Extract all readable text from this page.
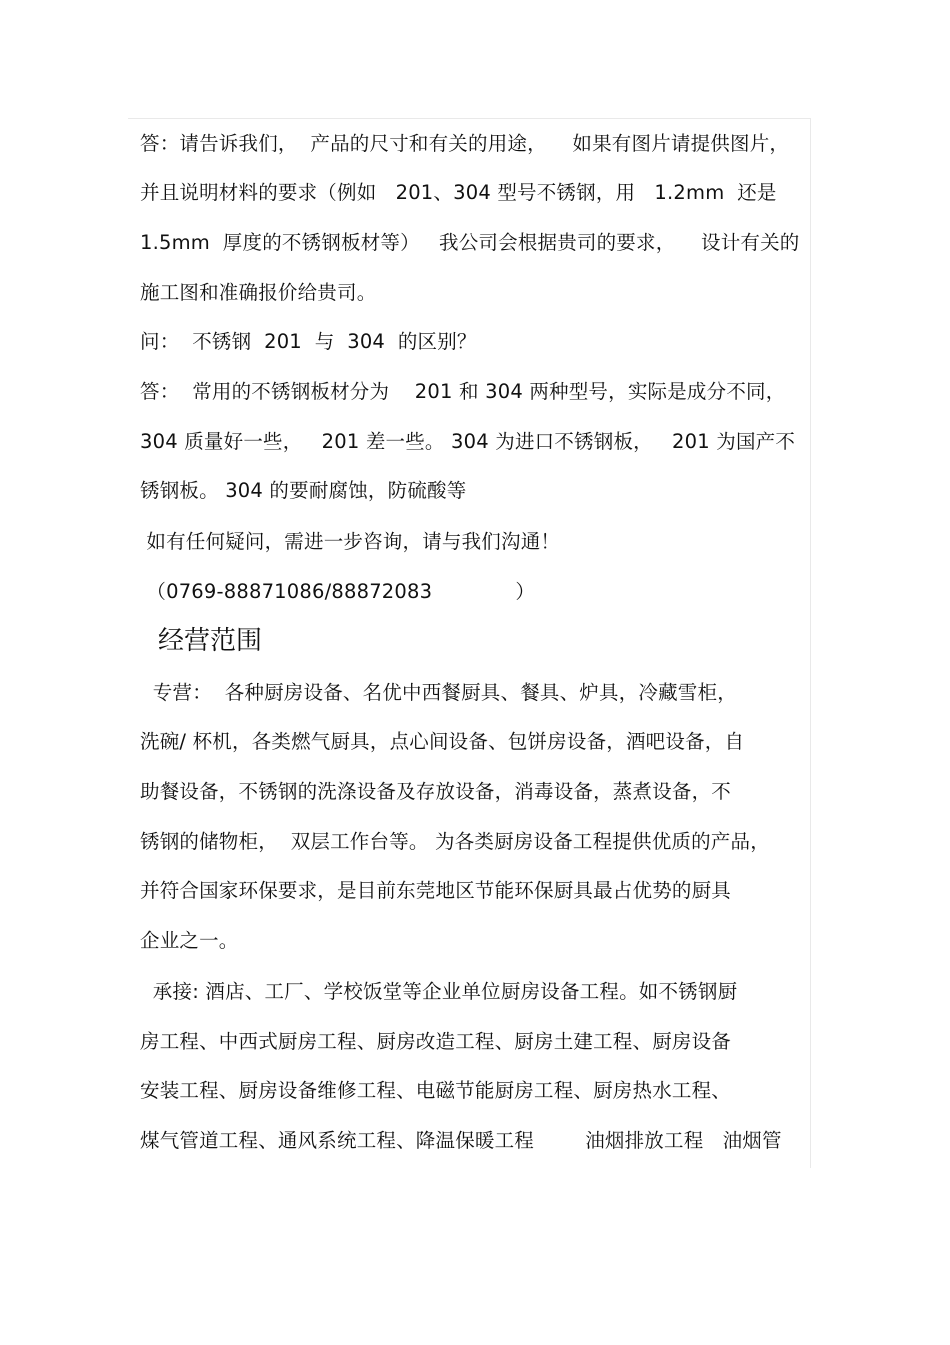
答：请告诉我们，  产品的尺寸和有关的用途，    如果有图片请提供图片，
并且说明材料的要求（例如   201、304 型号不锈钢，用   1.2mm  还是
1.5mm  厚度的不锈钢板材等）   我公司会根据贵司的要求，    设计有关的
施工图和准确报价给贵司。
问：  不锈钢  201  与  304  的区别？
答：  常用的不锈钢板材分为    201 和 304 两种型号，实际是成分不同，
304 质量好一些，   201 差一些。 304 为进口不锈钢板，   201 为国产不
锈钢板。 304 的要耐腐蚀，防硫酸等
如有任何疑问，需进一步咨询，请与我们沟通！
（0769-88871086/88872083             ）
经营范围
专营：  各种厨房设备、名优中西餐厨具、餐具、炉具，冷藏雪柜，
洗碗/ 杯机，各类燃气厨具，点心间设备、包饼房设备，酒吧设备，自
助餐设备，不锈钢的洗涤设备及存放设备，消毒设备，蒸煮设备，不
锈钢的储物柜，  双层工作台等。 为各类厨房设备工程提供优质的产品，
并符合国家环保要求，是目前东莞地区节能环保厨具最占优势的厨具
企业之一。
承接: 酒店、工厂、学校饭堂等企业单位厨房设备工程。如不锈钢厨
房工程、中西式厨房工程、厨房改造工程、厨房土建工程、厨房设备
安装工程、厨房设备维修工程、电磁节能厨房工程、厨房热水工程、
煤气管道工程、通风系统工程、降温保暖工程        油烟排放工程   油烟管
